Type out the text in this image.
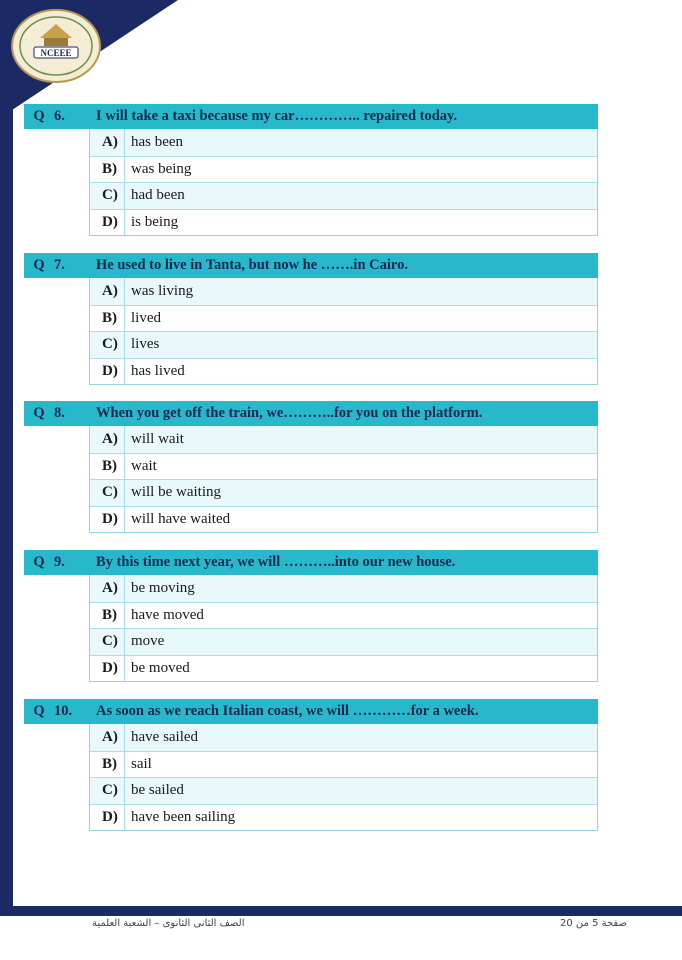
NCEEE
Q 6.	I will take a taxi because my car………….. repaired today.
A) has been
B) was being
C) had been
D) is being
Q 7.	He used to live in Tanta, but now he …….in Cairo.
A) was living
B) lived
C) lives
D) has lived
Q 8.	When you get off the train, we………..for you on the platform.
A) will wait
B) wait
C) will be waiting
D) will have waited
Q 9.	By this time next year, we will ………..into our new house.
A) be moving
B) have moved
C) move
D) be moved
Q 10.	As soon as we reach Italian coast, we will …………for a week.
A) have sailed
B) sail
C) be sailed
D) have been sailing
الصف الثانى الثانوى – الشعبة العلمية	صفحة 5 من 20
